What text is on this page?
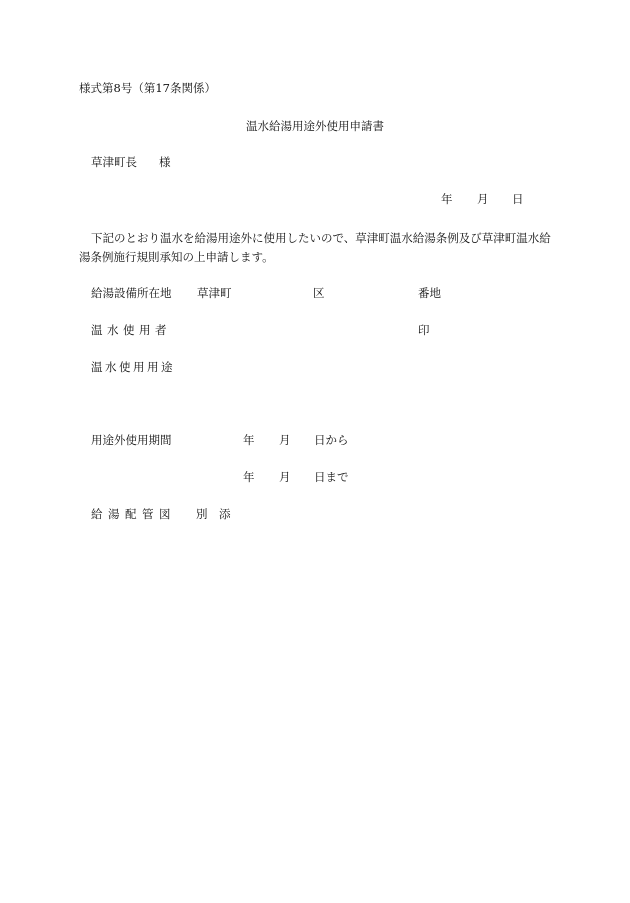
様式第8号（第17条関係）
温水給湯用途外使用申請書
草津町長 様
年 月 日
下記のとおり温水を給湯用途外に使用したいので、草津町温水給湯条例及び草津町温水給湯条例施行規則承知の上申請します。
給湯設備所在地 草津町	区	番地
温水使用者	印
温水使用用途
用途外使用期間	年 月 日から
年 月 日まで
給湯配管図 別　添
